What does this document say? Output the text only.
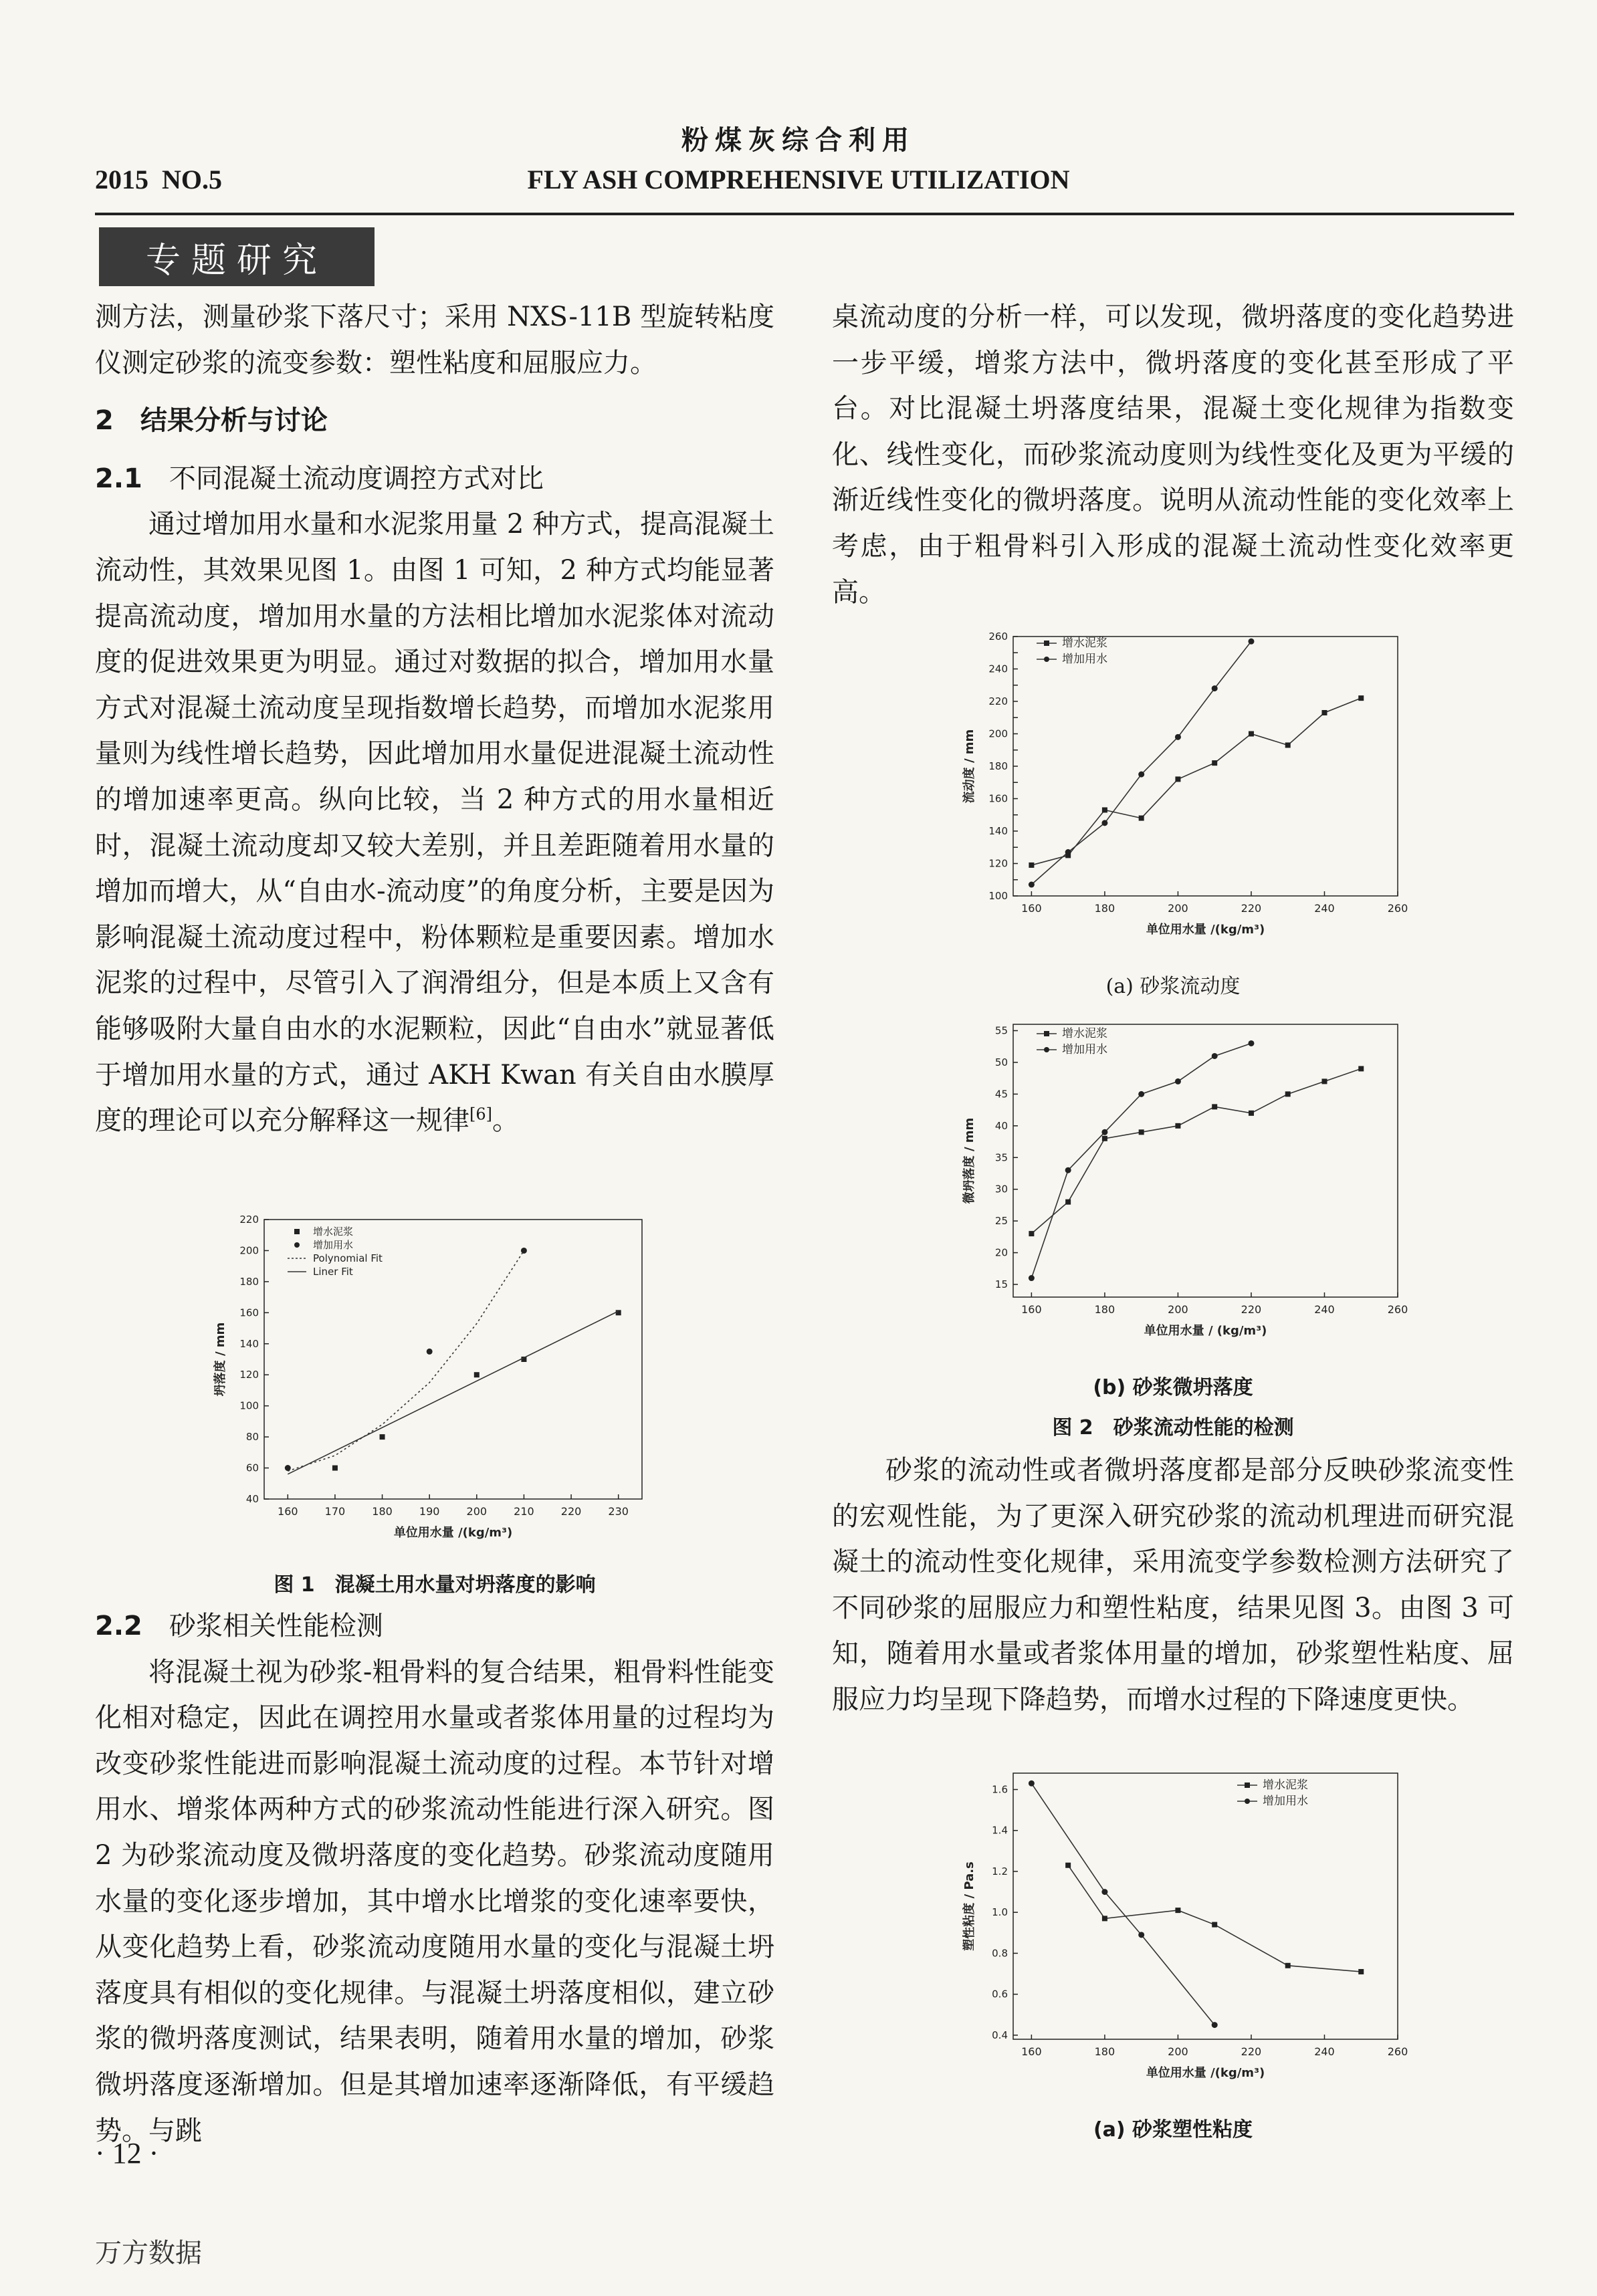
粉煤灰综合利用
2015  NO.5	FLY ASH COMPREHENSIVE UTILIZATION
专题研究

测方法，测量砂浆下落尺寸；采用 NXS-11B 型旋转粘度仪测定砂浆的流变参数：塑性粘度和屈服应力。

2　结果分析与讨论

2.1 不同混凝土流动度调控方式对比

通过增加用水量和水泥浆用量 2 种方式，提高混凝土流动性，其效果见图 1。由图 1 可知，2 种方式均能显著提高流动度，增加用水量的方法相比增加水泥浆体对流动度的促进效果更为明显。通过对数据的拟合，增加用水量方式对混凝土流动度呈现指数增长趋势，而增加水泥浆用量则为线性增长趋势，因此增加用水量促进混凝土流动性的增加速率更高。纵向比较，当 2 种方式的用水量相近时，混凝土流动度却又较大差别，并且差距随着用水量的增加而增大，从“自由水-流动度”的角度分析，主要是因为影响混凝土流动度过程中，粉体颗粒是重要因素。增加水泥浆的过程中，尽管引入了润滑组分，但是本质上又含有能够吸附大量自由水的水泥颗粒，因此“自由水”就显著低于增加用水量的方式，通过 AKH Kwan 有关自由水膜厚度的理论可以充分解释这一规律[6]。

160	170	180	190	200	210	220	230
40
60
80
100
120
140
160
180
200
220
单位用水量 /(kg/m³)
坍落度 / mm
增水泥浆
增加用水
Polynomial Fit
Liner Fit
图 1　混凝土用水量对坍落度的影响

2.2 砂浆相关性能检测

将混凝土视为砂浆-粗骨料的复合结果，粗骨料性能变化相对稳定，因此在调控用水量或者浆体用量的过程均为改变砂浆性能进而影响混凝土流动度的过程。本节针对增用水、增浆体两种方式的砂浆流动性能进行深入研究。图 2 为砂浆流动度及微坍落度的变化趋势。砂浆流动度随用水量的变化逐步增加，其中增水比增浆的变化速率要快，从变化趋势上看，砂浆流动度随用水量的变化与混凝土坍落度具有相似的变化规律。与混凝土坍落度相似，建立砂浆的微坍落度测试，结果表明，随着用水量的增加，砂浆微坍落度逐渐增加。但是其增加速率逐渐降低，有平缓趋势。与跳

桌流动度的分析一样，可以发现，微坍落度的变化趋势进一步平缓，增浆方法中，微坍落度的变化甚至形成了平台。对比混凝土坍落度结果，混凝土变化规律为指数变化、线性变化，而砂浆流动度则为线性变化及更为平缓的渐近线性变化的微坍落度。说明从流动性能的变化效率上考虑，由于粗骨料引入形成的混凝土流动性变化效率更高。

160	180	200	220	240	260
100
120
140
160
180
200
220
240
260
单位用水量 /(kg/m³)
流动度 / mm
增水泥浆
增加用水
(a) 砂浆流动度
160	180	200	220	240	260
15
20
25
30
35
40
45
50
55
单位用水量 / (kg/m³)
微坍落度 / mm
增水泥浆
增加用水
(b) 砂浆微坍落度
图 2　砂浆流动性能的检测

砂浆的流动性或者微坍落度都是部分反映砂浆流变性的宏观性能，为了更深入研究砂浆的流动机理进而研究混凝土的流动性变化规律，采用流变学参数检测方法研究了不同砂浆的屈服应力和塑性粘度，结果见图 3。由图 3 可知，随着用水量或者浆体用量的增加，砂浆塑性粘度、屈服应力均呈现下降趋势，而增水过程的下降速度更快。

160	180	200	220	240	260
0.4
0.6
0.8
1.0
1.2
1.4
1.6
单位用水量 /(kg/m³)
塑性粘度 / Pa.s
增水泥浆
增加用水
(a) 砂浆塑性粘度
· 12 ·
万方数据
